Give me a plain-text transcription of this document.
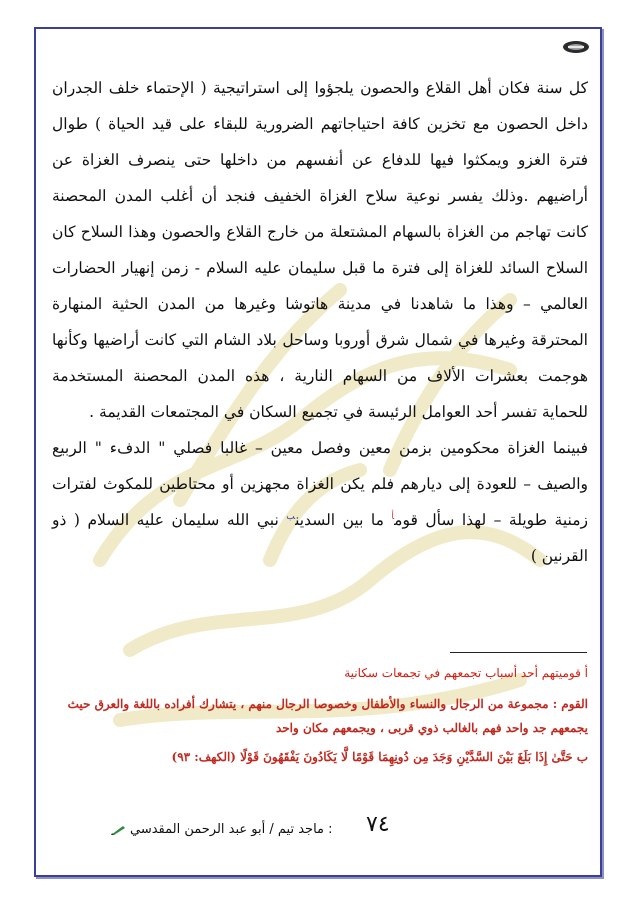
كل سنة فكان أهل القلاع والحصون يلجؤوا إلى استراتيجية ( الإحتماء خلف الجدران داخل الحصون مع تخزين كافة احتياجاتهم الضرورية للبقاء على قيد الحياة ) طوال فترة الغزو ويمكثوا فيها للدفاع عن أنفسهم من داخلها حتى ينصرف الغزاة عن أراضيهم .وذلك يفسر نوعية سلاح الغزاة الخفيف فنجد أن أغلب المدن المحصنة كانت تهاجم من الغزاة بالسهام المشتعلة من خارج القلاع والحصون وهذا السلاح كان السلاح السائد للغزاة إلى فترة ما قبل سليمان عليه السلام - زمن إنهيار الحضارات العالمي – وهذا ما شاهدنا في مدينة هاتوشا وغيرها من المدن الحثية المنهارة المحترقة وغيرها في شمال شرق أوروبا وساحل بلاد الشام التي كانت أراضيها وكأنها هوجمت بعشرات الألاف من السهام النارية ، هذه المدن المحصنة المستخدمة للحماية تفسر أحد العوامل الرئيسة في تجميع السكان في المجتمعات القديمة .

فبينما الغزاة محكومين بزمن معين وفصل معين – غالبا فصلي " الدفء " الربيع والصيف – للعودة إلى ديارهم فلم يكن الغزاة مجهزين أو محتاطين للمكوث لفترات زمنية طويلة – لهذا سأل قوم$^أ$ ما بين السدين$^ب$ نبي الله سليمان عليه السلام ( ذو القرنين )

أ قوميتهم أحد أسباب تجمعهم في تجمعات سكانية
القوم : مجموعة من الرجال والنساء والأطفال وخصوصا الرجال منهم ، يتشارك أفراده باللغة والعرق حيث يجمعهم جد واحد فهم بالغالب ذوي قربى ، ويجمعهم مكان واحد
ب حَتَّىٰ إِذَا بَلَغَ بَيْنَ السَّدَّيْنِ وَجَدَ مِن دُونِهِمَا قَوْمًا لَّا يَكَادُونَ يَفْقَهُونَ قَوْلًا (الكهف: ٩٣)
: ماجد تيم / أبو عبد الرحمن المقدسي ٧٤
